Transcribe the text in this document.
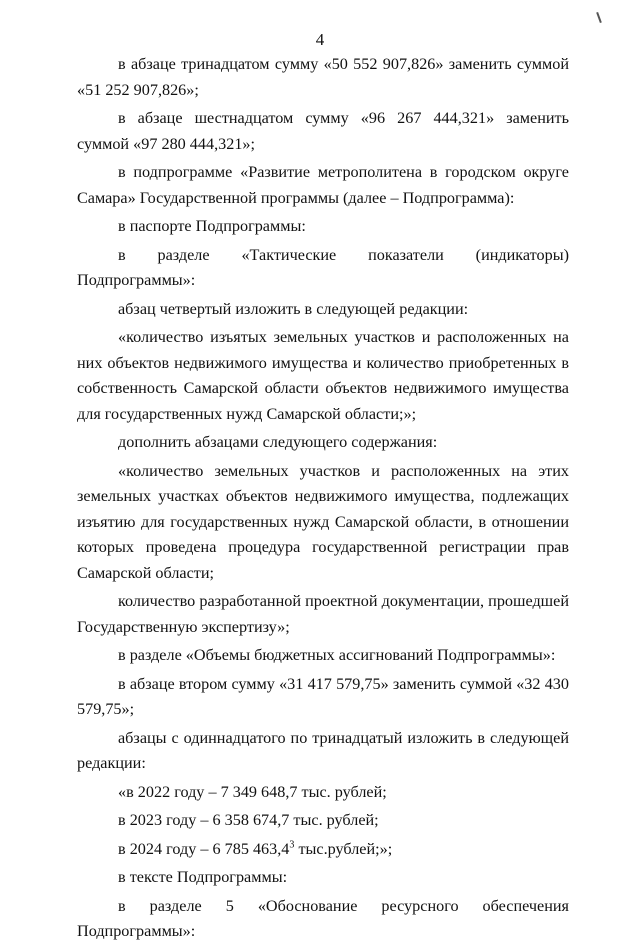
4

в абзаце тринадцатом сумму «50 552 907,826» заменить суммой «51 252 907,826»;

в абзаце шестнадцатом сумму «96 267 444,321» заменить суммой «97 280 444,321»;

в подпрограмме «Развитие метрополитена в городском округе Самара» Государственной программы (далее – Подпрограмма):

в паспорте Подпрограммы:

в разделе «Тактические показатели (индикаторы) Подпрограммы»:

абзац четвертый изложить в следующей редакции:

«количество изъятых земельных участков и расположенных на них объектов недвижимого имущества и количество приобретенных в собственность Самарской области объектов недвижимого имущества для государственных нужд Самарской области;»;

дополнить абзацами следующего содержания:

«количество земельных участков и расположенных на этих земельных участках объектов недвижимого имущества, подлежащих изъятию для государственных нужд Самарской области, в отношении которых проведена процедура государственной регистрации прав Самарской области;

количество разработанной проектной документации, прошедшей Государственную экспертизу»;

в разделе «Объемы бюджетных ассигнований Подпрограммы»:

в абзаце втором сумму «31 417 579,75» заменить суммой «32 430 579,75»;

абзацы с одиннадцатого по тринадцатый изложить в следующей редакции:

«в 2022 году – 7 349 648,7 тыс. рублей;

в 2023 году – 6 358 674,7 тыс. рублей;

в 2024 году – 6 785 463,4$^3$ тыс.рублей;»;

в тексте Подпрограммы:

в разделе 5 «Обоснование ресурсного обеспечения Подпрограммы»:
